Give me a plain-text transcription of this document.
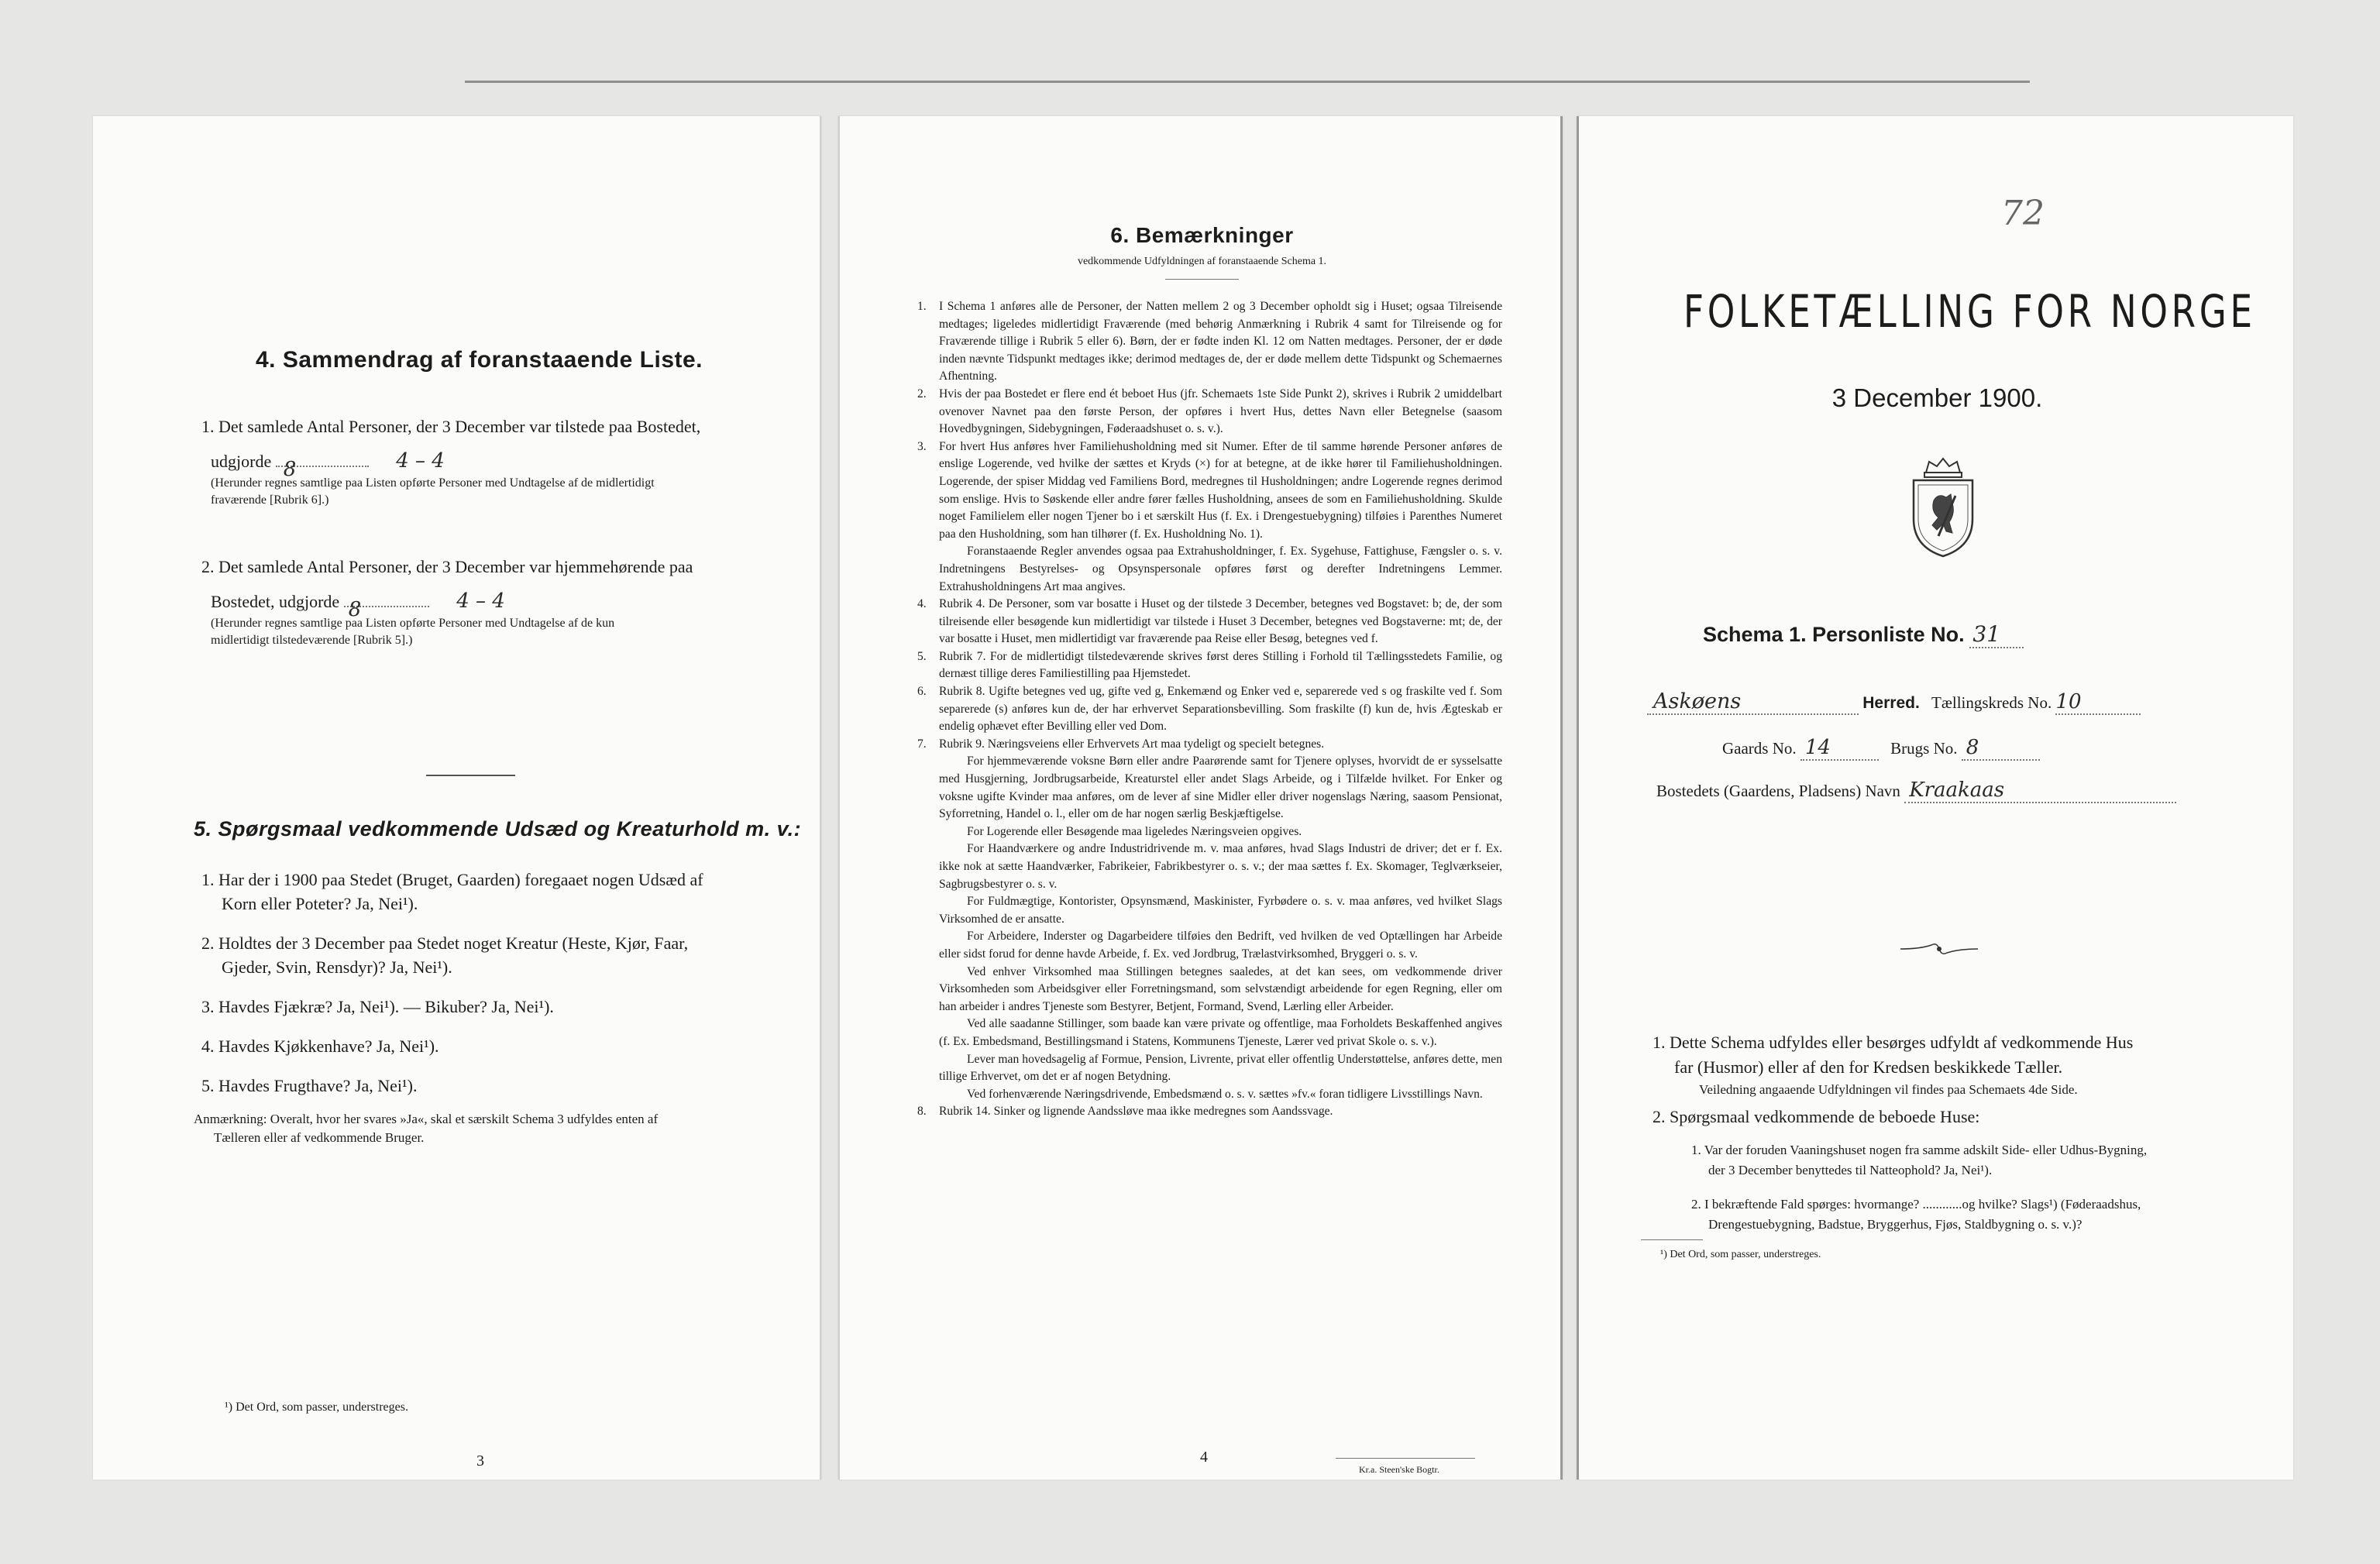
4. Sammendrag af foranstaaende Liste.
1. Det samlede Antal Personer, der 3 December var tilstede paa Bostedet,
udgjorde 8	4 – 4
(Herunder regnes samtlige paa Listen opførte Personer med Undtagelse af de midlertidigt
fraværende [Rubrik 6].)
2. Det samlede Antal Personer, der 3 December var hjemmehørende paa
Bostedet, udgjorde 8	4 – 4
(Herunder regnes samtlige paa Listen opførte Personer med Undtagelse af de kun
midlertidigt tilstedeværende [Rubrik 5].)
5. Spørgsmaal vedkommende Udsæd og Kreaturhold m. v.:
1. Har der i 1900 paa Stedet (Bruget, Gaarden) foregaaet nogen Udsæd af
Korn eller Poteter? Ja, Nei¹).
2. Holdtes der 3 December paa Stedet noget Kreatur (Heste, Kjør, Faar,
Gjeder, Svin, Rensdyr)? Ja, Nei¹).
3. Havdes Fjækræ? Ja, Nei¹). — Bikuber? Ja, Nei¹).
4. Havdes Kjøkkenhave? Ja, Nei¹).
5. Havdes Frugthave? Ja, Nei¹).
Anmærkning: Overalt, hvor her svares »Ja«, skal et særskilt Schema 3 udfyldes enten af
Tælleren eller af vedkommende Bruger.
¹) Det Ord, som passer, understreges.
3
6. Bemærkninger
vedkommende Udfyldningen af foranstaaende Schema 1.
1. I Schema 1 anføres alle de Personer, der Natten mellem 2 og 3 December opholdt sig i Huset; ogsaa Tilreisende medtages; ligeledes midlertidigt Fraværende (med behørig Anmærkning i Rubrik 4 samt for Tilreisende og for Fraværende tillige i Rubrik 5 eller 6). Børn, der er fødte inden Kl. 12 om Natten medtages. Personer, der er døde inden nævnte Tidspunkt medtages ikke; derimod medtages de, der er døde mellem dette Tidspunkt og Schemaernes Afhentning.
2. Hvis der paa Bostedet er flere end ét beboet Hus (jfr. Schemaets 1ste Side Punkt 2), skrives i Rubrik 2 umiddelbart ovenover Navnet paa den første Person, der opføres i hvert Hus, dettes Navn eller Betegnelse (saasom Hovedbygningen, Sidebygningen, Føderaadshuset o. s. v.).
3. For hvert Hus anføres hver Familiehusholdning med sit Numer. Efter de til samme hørende Personer anføres de enslige Logerende, ved hvilke der sættes et Kryds (×) for at betegne, at de ikke hører til Familiehusholdningen. Logerende, der spiser Middag ved Familiens Bord, medregnes til Husholdningen; andre Logerende regnes derimod som enslige. Hvis to Søskende eller andre fører fælles Husholdning, ansees de som en Familiehusholdning. Skulde noget Familielem eller nogen Tjener bo i et særskilt Hus (f. Ex. i Drengestuebygning) tilføies i Parenthes Numeret paa den Husholdning, som han tilhører (f. Ex. Husholdning No. 1).
Foranstaaende Regler anvendes ogsaa paa Extrahusholdninger, f. Ex. Sygehuse, Fattighuse, Fængsler o. s. v. Indretningens Bestyrelses- og Opsynspersonale opføres først og derefter Indretningens Lemmer. Extrahusholdningens Art maa angives.
4. Rubrik 4. De Personer, som var bosatte i Huset og der tilstede 3 December, betegnes ved Bogstavet: b; de, der som tilreisende eller besøgende kun midlertidigt var tilstede i Huset 3 December, betegnes ved Bogstaverne: mt; de, der var bosatte i Huset, men midlertidigt var fraværende paa Reise eller Besøg, betegnes ved f.
5. Rubrik 7. For de midlertidigt tilstedeværende skrives først deres Stilling i Forhold til Tællingsstedets Familie, og dernæst tillige deres Familiestilling paa Hjemstedet.
6. Rubrik 8. Ugifte betegnes ved ug, gifte ved g, Enkemænd og Enker ved e, separerede ved s og fraskilte ved f. Som separerede (s) anføres kun de, der har erhvervet Separationsbevilling. Som fraskilte (f) kun de, hvis Ægteskab er endelig ophævet efter Bevilling eller ved Dom.
7. Rubrik 9. Næringsveiens eller Erhvervets Art maa tydeligt og specielt betegnes.
For hjemmeværende voksne Børn eller andre Paarørende samt for Tjenere oplyses, hvorvidt de er sysselsatte med Husgjerning, Jordbrugsarbeide, Kreaturstel eller andet Slags Arbeide, og i Tilfælde hvilket. For Enker og voksne ugifte Kvinder maa anføres, om de lever af sine Midler eller driver nogenslags Næring, saasom Pensionat, Syforretning, Handel o. l., eller om de har nogen særlig Beskjæftigelse.
For Logerende eller Besøgende maa ligeledes Næringsveien opgives.
For Haandværkere og andre Industridrivende m. v. maa anføres, hvad Slags Industri de driver; det er f. Ex. ikke nok at sætte Haandværker, Fabrikeier, Fabrikbestyrer o. s. v.; der maa sættes f. Ex. Skomager, Teglværkseier, Sagbrugsbestyrer o. s. v.
For Fuldmægtige, Kontorister, Opsynsmænd, Maskinister, Fyrbødere o. s. v. maa anføres, ved hvilket Slags Virksomhed de er ansatte.
For Arbeidere, Inderster og Dagarbeidere tilføies den Bedrift, ved hvilken de ved Optællingen har Arbeide eller sidst forud for denne havde Arbeide, f. Ex. ved Jordbrug, Trælastvirksomhed, Bryggeri o. s. v.
Ved enhver Virksomhed maa Stillingen betegnes saaledes, at det kan sees, om vedkommende driver Virksomheden som Arbeidsgiver eller Forretningsmand, som selvstændigt arbeidende for egen Regning, eller om han arbeider i andres Tjeneste som Bestyrer, Betjent, Formand, Svend, Lærling eller Arbeider.
Ved alle saadanne Stillinger, som baade kan være private og offentlige, maa Forholdets Beskaffenhed angives (f. Ex. Embedsmand, Bestillingsmand i Statens, Kommunens Tjeneste, Lærer ved privat Skole o. s. v.).
Lever man hovedsagelig af Formue, Pension, Livrente, privat eller offentlig Understøttelse, anføres dette, men tillige Erhvervet, om det er af nogen Betydning.
Ved forhenværende Næringsdrivende, Embedsmænd o. s. v. sættes »fv.« foran tidligere Livsstillings Navn.
8. Rubrik 14. Sinker og lignende Aandssløve maa ikke medregnes som Aandssvage.
4
Kr.a. Steen'ske Bogtr.
72
FOLKETÆLLING FOR NORGE
3 December 1900.
Schema 1. Personliste No. 31
Askøens	Herred. Tællingskreds No. 10
Gaards No. 14	Brugs No. 8
Bostedets (Gaardens, Pladsens) Navn Kraakaas
1. Dette Schema udfyldes eller besørges udfyldt af vedkommende Hus
far (Husmor) eller af den for Kredsen beskikkede Tæller.
Veiledning angaaende Udfyldningen vil findes paa Schemaets 4de Side.
2. Spørgsmaal vedkommende de beboede Huse:
1. Var der foruden Vaaningshuset nogen fra samme adskilt Side- eller Udhus-Bygning,
der 3 December benyttedes til Natteophold? Ja, Nei¹).
2. I bekræftende Fald spørges: hvormange? ............og hvilke? Slags¹) (Føderaadshus,
Drengestuebygning, Badstue, Bryggerhus, Fjøs, Staldbygning o. s. v.)?
¹) Det Ord, som passer, understreges.
